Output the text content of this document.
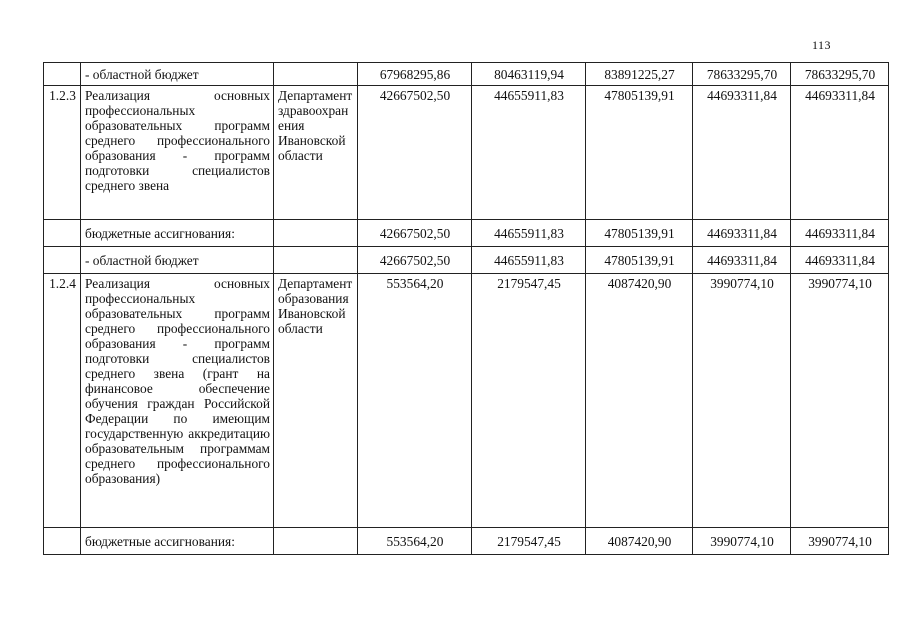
113
	- областной бюджет		67968295,86	80463119,94	83891225,27	78633295,70	78633295,70
1.2.3	Реализация основных профессиональных образовательных программ среднего профессионального образования - программ подготовки специалистов среднего звена	Департамент здравоохранения Ивановской области	42667502,50	44655911,83	47805139,91	44693311,84	44693311,84
	бюджетные ассигнования:		42667502,50	44655911,83	47805139,91	44693311,84	44693311,84
	- областной бюджет		42667502,50	44655911,83	47805139,91	44693311,84	44693311,84
1.2.4	Реализация основных профессиональных образовательных программ среднего профессионального образования - программ подготовки специалистов среднего звена (грант на финансовое обеспечение обучения граждан Российской Федерации по имеющим государственную аккредитацию образовательным программам среднего профессионального образования)	Департамент образования Ивановской области	553564,20	2179547,45	4087420,90	3990774,10	3990774,10
	бюджетные ассигнования:		553564,20	2179547,45	4087420,90	3990774,10	3990774,10
